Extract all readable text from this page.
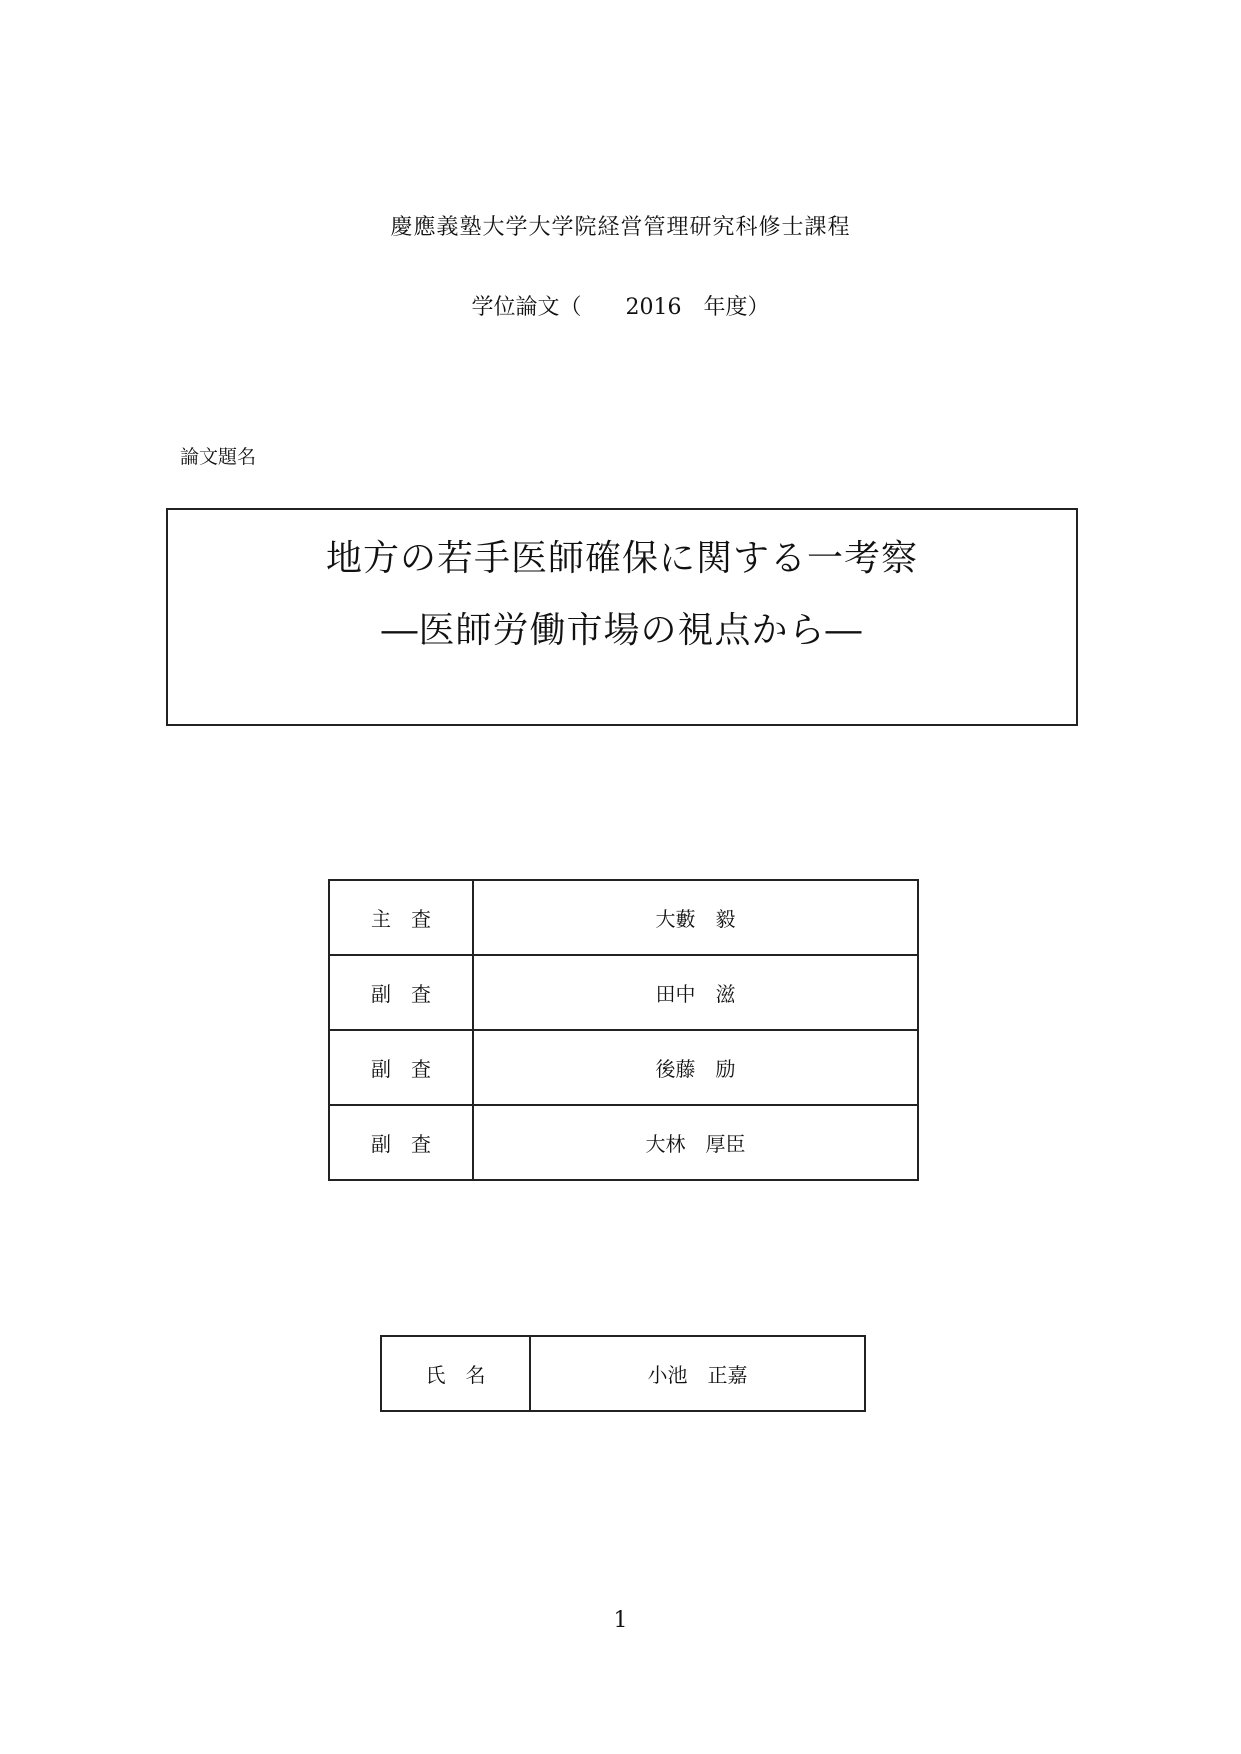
慶應義塾大学大学院経営管理研究科修士課程
学位論文（　　2016　年度）
論文題名
地方の若手医師確保に関する一考察
―医師労働市場の視点から―
主　査	大藪　毅
副　査	田中　滋
副　査	後藤　励
副　査	大林　厚臣
氏　名	小池　正嘉
1
